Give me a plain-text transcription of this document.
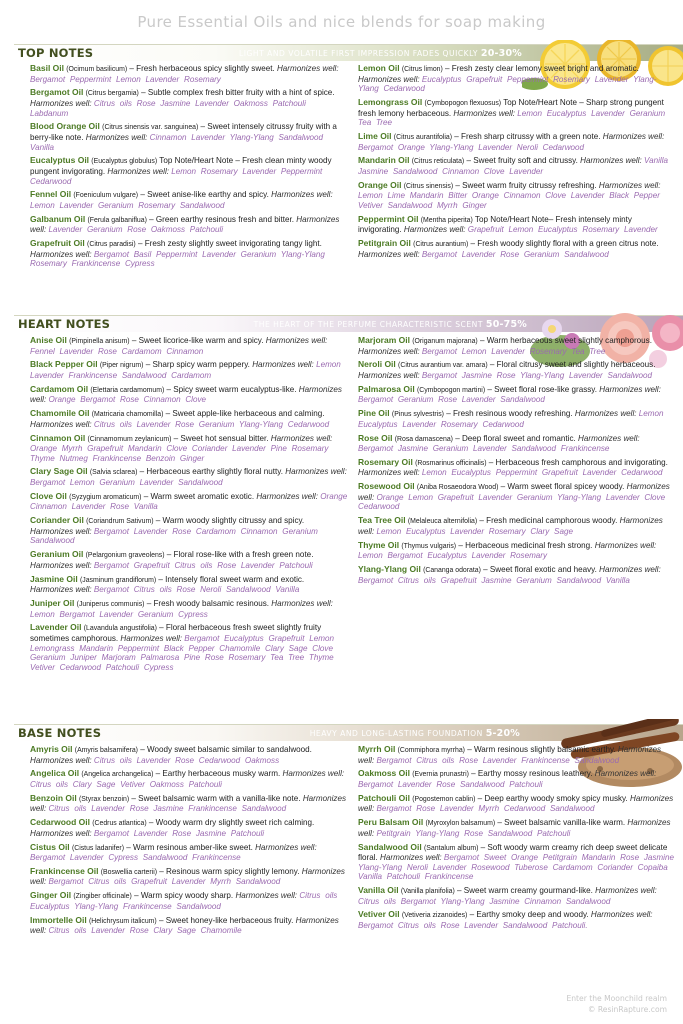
Pure Essential Oils and nice blends for soap making
TOP NOTES	LIGHT AND VOLATILE FIRST IMPRESSION FADES QUICKLY 20-30%
Basil Oil (Ocimum basilicum) – Fresh herbaceous spicy slightly sweet. Harmonizes well: Bergamot Peppermint Lemon Lavender Rosemary
Bergamot Oil (Citrus bergamia) – Subtle complex fresh bitter fruity with a hint of spice. Harmonizes well: Citrus oils Rose Jasmine Lavender Oakmoss Patchouli Labdanum
Blood Orange Oil (Citrus sinensis var. sanguinea) – Sweet intensely citrussy fruity with a berry-like note. Harmonizes well: Cinnamon Lavender Ylang-Ylang Sandalwood Vanilla
Eucalyptus Oil (Eucalyptus globulus) Top Note/Heart Note – Fresh clean minty woody pungent invigorating. Harmonizes well: Lemon Rosemary Lavender Peppermint Cedarwood
Fennel Oil (Foeniculum vulgare) – Sweet anise-like earthy and spicy. Harmonizes well: Lemon Lavender Geranium Rosemary Sandalwood
Galbanum Oil (Ferula galbaniflua) – Green earthy resinous fresh and bitter. Harmonizes well: Lavender Geranium Rose Oakmoss Patchouli
Grapefruit Oil (Citrus paradisi) – Fresh zesty slightly sweet invigorating tangy light. Harmonizes well: Bergamot Basil Peppermint Lavender Geranium Ylang-Ylang Rosemary Frankincense Cypress
Lemon Oil (Citrus limon) – Fresh zesty clear lemony sweet bright and aromatic. Harmonizes well: Eucalyptus Grapefruit Peppermint Rosemary Lavender Ylang-Ylang Cedarwood
Lemongrass Oil (Cymbopogon flexuosus) Top Note/Heart Note – Sharp strong pungent fresh lemony herbaceous. Harmonizes well: Lemon Eucalyptus Lavender Geranium Tea Tree
Lime Oil (Citrus aurantifolia) – Fresh sharp citrussy with a green note. Harmonizes well: Bergamot Orange Ylang-Ylang Lavender Neroli Cedarwood
Mandarin Oil (Citrus reticulata) – Sweet fruity soft and citrussy. Harmonizes well: Vanilla Jasmine Sandalwood Cinnamon Clove Lavender
Orange Oil (Citrus sinensis) – Sweet warm fruity citrussy refreshing. Harmonizes well: Lemon Lime Mandarin Bitter Orange Cinnamon Clove Lavender Black Pepper Vetiver Sandalwood Myrrh Ginger
Peppermint Oil (Mentha piperita) Top Note/Heart Note– Fresh intensely minty invigorating. Harmonizes well: Grapefruit Lemon Eucalyptus Rosemary Lavender
Petitgrain Oil (Citrus aurantium) – Fresh woody slightly floral with a green citrus note. Harmonizes well: Bergamot Lavender Rose Geranium Sandalwood
HEART NOTES	THE HEART OF THE PERFUME CHARACTERISTIC SCENT 50-75%
Anise Oil (Pimpinella anisum) – Sweet licorice-like warm and spicy. Harmonizes well: Fennel Lavender Rose Cardamom Cinnamon
Black Pepper Oil (Piper nigrum) – Sharp spicy warm peppery. Harmonizes well: Lemon Lavender Frankincense Sandalwood Cardamom
Cardamom Oil (Elettaria cardamomum) – Spicy sweet warm eucalyptus-like. Harmonizes well: Orange Bergamot Rose Cinnamon Clove
Chamomile Oil (Matricaria chamomilla) – Sweet apple-like herbaceous and calming. Harmonizes well: Citrus oils Lavender Rose Geranium Ylang-Ylang Cedarwood
Cinnamon Oil (Cinnamomum zeylanicum) – Sweet hot sensual bitter. Harmonizes well: Orange Myrrh Grapefruit Mandarin Clove Coriander Lavender Pine Rosemary Thyme Nutmeg Frankincense Benzoin Ginger
Clary Sage Oil (Salvia sclarea) – Herbaceous earthy slightly floral nutty. Harmonizes well: Bergamot Lemon Geranium Lavender Sandalwood
Clove Oil (Syzygium aromaticum) – Warm sweet aromatic exotic. Harmonizes well: Orange Cinnamon Lavender Rose Vanilla
Coriander Oil (Coriandrum Sativum) – Warm woody slightly citrussy and spicy. Harmonizes well: Bergamot Lavender Rose Cardamom Cinnamon Geranium Sandalwood
Geranium Oil (Pelargonium graveolens) – Floral rose-like with a fresh green note. Harmonizes well: Bergamot Grapefruit Citrus oils Rose Lavender Patchouli
Jasmine Oil (Jasminum grandiflorum) – Intensely floral sweet warm and exotic. Harmonizes well: Bergamot Citrus oils Rose Neroli Sandalwood Vanilla
Juniper Oil (Juniperus communis) – Fresh woody balsamic resinous. Harmonizes well: Lemon Bergamot Lavender Geranium Cypress
Lavender Oil (Lavandula angustifolia) – Floral herbaceous fresh sweet slightly fruity sometimes camphorous. Harmonizes well: Bergamot Eucalyptus Grapefruit Lemon Lemongrass Mandarin Peppermint Black Pepper Chamomile Clary Sage Clove Geranium Juniper Marjoram Palmarosa Pine Rose Rosemary Tea Tree Thyme Vetiver Cedarwood Patchouli Cypress
Marjoram Oil (Origanum majorana) – Warm herbaceous sweet slightly camphorous. Harmonizes well: Bergamot Lemon Lavender Rosemary Tea Tree
Neroli Oil (Citrus aurantium var. amara) – Floral citrusy sweet and slightly herbaceous. Harmonizes well: Bergamot Jasmine Rose Ylang-Ylang Lavender Sandalwood
Palmarosa Oil (Cymbopogon martini) – Sweet floral rose-like grassy. Harmonizes well: Bergamot Geranium Rose Lavender Sandalwood
Pine Oil (Pinus sylvestris) – Fresh resinous woody refreshing. Harmonizes well: Lemon Eucalyptus Lavender Rosemary Cedarwood
Rose Oil (Rosa damascena) – Deep floral sweet and romantic. Harmonizes well: Bergamot Jasmine Geranium Lavender Sandalwood Frankincense
Rosemary Oil (Rosmarinus officinalis) – Herbaceous fresh camphorous and invigorating. Harmonizes well: Lemon Eucalyptus Peppermint Grapefruit Lavender Cedarwood
Rosewood Oil (Aniba Rosaeodora Wood) – Warm sweet floral spicey woody. Harmonizes well: Orange Lemon Grapefruit Lavender Geranium Ylang-Ylang Lavender Clove Cedarwood
Tea Tree Oil (Melaleuca alternifolia) – Fresh medicinal camphorous woody. Harmonizes well: Lemon Eucalyptus Lavender Rosemary Clary Sage
Thyme Oil (Thymus vulgaris) – Herbaceous medicinal fresh strong. Harmonizes well: Lemon Bergamot Eucalyptus Lavender Rosemary
Ylang-Ylang Oil (Cananga odorata) – Sweet floral exotic and heavy. Harmonizes well: Bergamot Citrus oils Grapefruit Jasmine Geranium Sandalwood Vanilla
BASE NOTES	HEAVY AND LONG-LASTING FOUNDATION 5-20%
Amyris Oil (Amyris balsamifera) – Woody sweet balsamic similar to sandalwood. Harmonizes well: Citrus oils Lavender Rose Cedarwood Oakmoss
Angelica Oil (Angelica archangelica) – Earthy herbaceous musky warm. Harmonizes well: Citrus oils Clary Sage Vetiver Oakmoss Patchouli
Benzoin Oil (Styrax benzoin) – Sweet balsamic warm with a vanilla-like note. Harmonizes well: Citrus oils Lavender Rose Jasmine Frankincense Sandalwood
Cedarwood Oil (Cedrus atlantica) – Woody warm dry slightly sweet rich calming. Harmonizes well: Bergamot Lavender Rose Jasmine Patchouli
Cistus Oil (Cistus ladanifer) – Warm resinous amber-like sweet. Harmonizes well: Bergamot Lavender Cypress Sandalwood Frankincense
Frankincense Oil (Boswellia carterii) – Resinous warm spicy slightly lemony. Harmonizes well: Bergamot Citrus oils Grapefruit Lavender Myrrh Sandalwood
Ginger Oil (Zingiber officinale) – Warm spicy woody sharp. Harmonizes well: Citrus oils Eucalyptus Ylang-Ylang Frankincense Sandalwood
Immortelle Oil (Helichrysum italicum) – Sweet honey-like herbaceous fruity. Harmonizes well: Citrus oils Lavender Rose Clary Sage Chamomile
Myrrh Oil (Commiphora myrrha) – Warm resinous slightly balsamic earthy. Harmonizes well: Bergamot Citrus oils Rose Lavender Frankincense Sandalwood
Oakmoss Oil (Evernia prunastri) – Earthy mossy resinous leathery. Harmonizes well: Bergamot Lavender Rose Sandalwood Patchouli
Patchouli Oil (Pogostemon cablin) – Deep earthy woody smoky spicy musky. Harmonizes well: Bergamot Rose Lavender Myrrh Cedarwood Sandalwood
Peru Balsam Oil (Myroxylon balsamum) – Sweet balsamic vanilla-like warm. Harmonizes well: Petitgrain Ylang-Ylang Rose Sandalwood Patchouli
Sandalwood Oil (Santalum album) – Soft woody warm creamy rich deep sweet delicate floral. Harmonizes well: Bergamot Sweet Orange Petitgrain Mandarin Rose Jasmine Ylang-Ylang Neroli Lavender Rosewood Tuberose Cardamom Coriander Copaiba Vanilla Patchouli Frankincense
Vanilla Oil (Vanilla planifolia) – Sweet warm creamy gourmand-like. Harmonizes well: Citrus oils Bergamot Ylang-Ylang Jasmine Cinnamon Sandalwood
Vetiver Oil (Vetiveria zizanoides) – Earthy smoky deep and woody. Harmonizes well: Bergamot Citrus oils Rose Lavender Sandalwood Patchouli.
Enter the Moonchild realm
© ResinRapture.com
